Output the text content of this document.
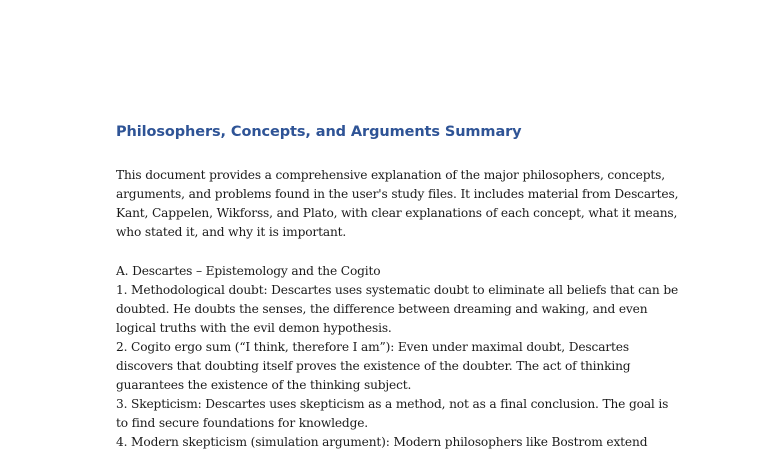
Philosophers, Concepts, and Arguments Summary
This document provides a comprehensive explanation of the major philosophers, concepts,
arguments, and problems found in the user's study files. It includes material from Descartes,
Kant, Cappelen, Wikforss, and Plato, with clear explanations of each concept, what it means,
who stated it, and why it is important.
A. Descartes – Epistemology and the Cogito
1. Methodological doubt: Descartes uses systematic doubt to eliminate all beliefs that can be
doubted. He doubts the senses, the difference between dreaming and waking, and even
logical truths with the evil demon hypothesis.
2. Cogito ergo sum (“I think, therefore I am”): Even under maximal doubt, Descartes
discovers that doubting itself proves the existence of the doubter. The act of thinking
guarantees the existence of the thinking subject.
3. Skepticism: Descartes uses skepticism as a method, not as a final conclusion. The goal is
to find secure foundations for knowledge.
4. Modern skepticism (simulation argument): Modern philosophers like Bostrom extend
